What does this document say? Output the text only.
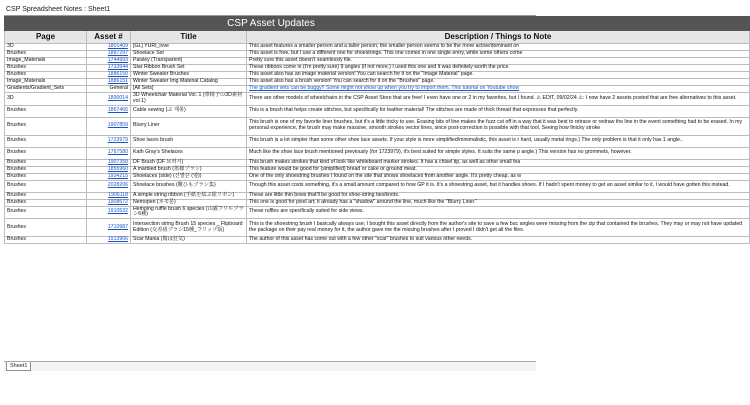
CSP Spreadsheet Notes : Sheet1
CSP Asset Updates			

Page	Asset #	Title	Description / Things to Note
3D	1801409	[GL] YURI_love	This asset features a smaller person and a taller person; the smaller person seems to be the more active/dominant on
Brushes	1887297	Shoelace Set	This asset is free, but I use a different one for shoestrings. This one comes in one single entry, while some others come
Image_Materials	1744993	Paisley (Transparent)	Pretty sure this asset doesn't seamlessly tile.
Brushes	1733544	Star Ribbon Brush Set	These ribbons come in (I'm pretty sure) 9 angles (if not more.) I used this one and it was definitely worth the price.
Brushes	1886150	Winter Sweater Brushes	This asset also has an image material version! You can search for it on the "Image Material" page.
Image_Materials	1886151	Winter Sweater Img Material Catalog	This asset also has a brush version! You can search for it on the "Brushes" page.
Gradients/Gradient_Sets	General	[All Sets]	The gradient sets can be buggy!! Some might not show up when you try to import them. This tutorial on Youtube show
3D	1890014	3D Wheelchair Material Vol. 1 (車椅子の3D素材 vol.1)	There are other models of wheelchairs in the CSP Asset Store that are free! I even have one or 2 in my favorites, but I found. ⚠ EDIT, 09/02/24 ⚠: I now have 2 assets posted that are free alternatives to this asset.
Brushes	1867466	Cable sewing (ぶ 재봉)	This is a brush that helps create stitches, but specifically for leather material! The stitches are made of thick thread that expresses that perfectly.
Brushes	1907859	Blurry Liner	This brush is one of my favorite liner brushes, but it's a little tricky to use. Erasing bits of line makes the fuzz cut off in a way that it was best to retrace or redraw the line in the event something had to be erased. In my personal experience, the brush may make massive, smooth strokes vector lines, since post-correction is possible with that tool. Seeing how finicky stroke
Brushes	1723979	Shoe laces brush	This brush is a lot simpler than some other shoe lace assets. If your style is more simplified/minimalistic, this asset is r hard, usually metal rings.) The only problem is that it only has 1 angle..
Brushes	1767580	Kath Gray's Shelaces	Much like the shoe lace brush mentioned previously (for 1723979), it's best suited for simple styles. It suits the same p angle.) This version has no grommets, however.
Brushes	1907358	DF Brush (DF 브러시)	This brush makes strokes that kind of look like whiteboard marker strokes. It has a chisel tip, as well as other small fea
Brushes	1855960	A marbled brush (墨様ブラシ)	This feature would be good for (simplified) bread or cake or ground meat.
Brushes	1934215	Shoelaces (side) (신발끈 (옆))	One of the only shoestring brushes I found on the site that shows shoelaces from another angle. It's pretty cheap, as w
Brushes	2028206	Shoelace brushes (靴ひもブラシ集)	Though this asset costs something, it's a small amount compared to how GP it is. It's a shoestring asset, but it handles shoes. If I hadn't spent money to get an asset similar to it, I would have gotten this instead.
Brushes	1906118	A simple string ribbon (手紙を結ぶ紐リボン)	These are little thin bows that'll be good for shoe-string ties/knots.
Brushes	1908672	Nemopen (ネモ문)	This one is good for pixel art; it already has a "shadow" around the line, much like the "Blurry Liner."
Brushes	1910532	Hemping ruffle brush 6 species (山霧フリルブラシ6種)	These ruffles are specifically suited for side views.
Brushes	1710987	Intersection string Brush 15 species _ Flipboard Edition (交差紐ブラシ15種_フリップ版)	This is the shoestring brush I basically always use; I bought this asset directly from the author's site to save a few buc angles were missing from the zip that contained the brushes. They may or may not have updated the package on their pay real money for it, the author gave me the missing brushes after I proved I didn't get all the files.
Brushes	1913966	Scar Mania (傷は狂気)	The author of this asset has come out with a few other "scar" brushes to suit various other needs.
Sheet1
